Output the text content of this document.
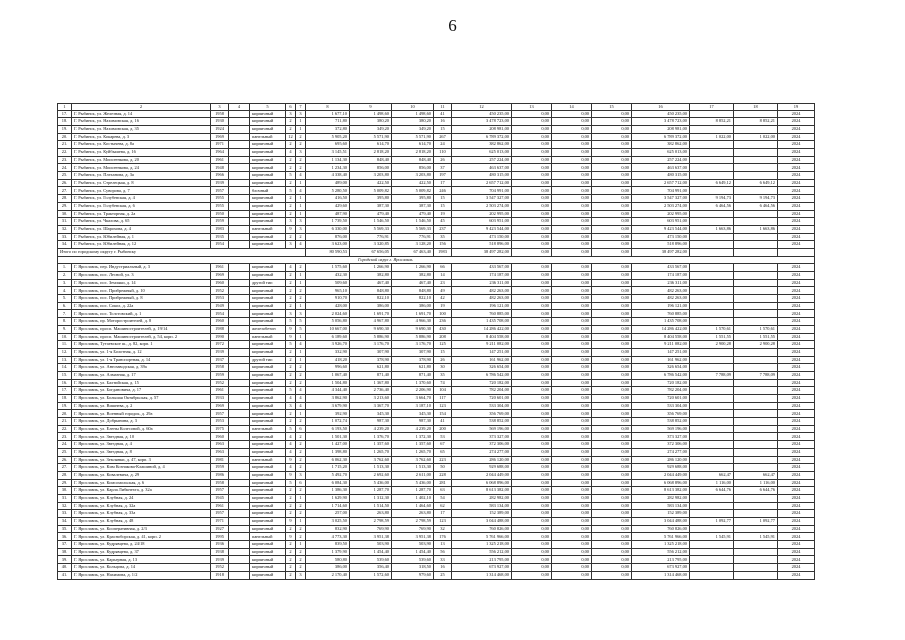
6
1	2	3	4	5	6	7	8	9	10	11	12	13	14	15	16	17	18	19
17.	Г. Рыбинск, ул. Железная, д. 14	1958		кирпичный	3	3	1 677,10	1 498,60	1 498,60	41	450 235,00	0,00	0,00	0,00	450 235,00			2024
18.	Г. Рыбинск, ул. Нахимовская, д. 16	1930		кирпичный	2	1	711,80	380,20	380,20	16	3 478 723,00	0,00	0,00	0,00	3 478 723,00	8 852,21	8 852,21	2024
19.	Г. Рыбинск, ул. Нахимовская, д. 35	1924		кирпичный	2	1	372,80	349,20	349,20	15	208 981,00	0,00	0,00	0,00	208 981,00			2024
20.	Г. Рыбинск, ул. Кокарева, д. 3	1969		панельный	12	2	5 905,20	5 571,90	5 571,90	267	6 789 372,00	0,00	0,00	0,00	6 789 372,00	1 022,00	1 022,00	2024
21.	Г. Рыбинск, ул. Костычева, д. 8а	1971		кирпичный	2	2	695,60	614,70	614,70	24	382 862,00	0,00	0,00	0,00	382 862,00			2024
22.	Г. Рыбинск, ул. Куйбышева, д. 16	1964		кирпичный	4	3	3 145,51	2 818,20	2 818,20	110	625 013,00	0,00	0,00	0,00	625 013,00			2024
23.	Г. Рыбинск, ул. Моисеенкова, д. 20	1961		кирпичный	2	2	1 134,30	848,40	848,40	26	257 224,00	0,00	0,00	0,00	257 224,00			2024
24.	Г. Рыбинск, ул. Моисеенкова, д. 24	1948		кирпичный	2	2	1 234,30	856,00	856,00	37	463 637,00	0,00	0,00	0,00	463 637,00			2024
25.	Г. Рыбинск, ул. Плеханова, д. 3а	1966		кирпичный	5	4	4 338,40	3 203,80	3 203,80	197	480 315,00	0,00	0,00	0,00	480 315,00			2024
26.	Г. Рыбинск, ул. Стрелецкая, д. 8	1939		кирпичный	2	1	489,00	422,50	422,50	17	2 657 712,00	0,00	0,00	0,00	2 657 712,00	6 649,12	6 649,12	2024
27.	Г. Рыбинск, ул. Суворова, д. 7	1957		блочный	5	4	5 280,50	5 009,82	5 009,82	246	704 991,00	0,00	0,00	0,00	704 991,00			2024
28.	Г. Рыбинск, ул. Голубевская, д. 4	1955		кирпичный	2	1	416,50	395,80	395,80	15	3 547 327,00	0,00	0,00	0,00	3 547 327,00	9 194,73	9 194,73	2024
29.	Г. Рыбинск, ул. Голубевская, д. 6	1955		кирпичный	2	1	429,60	387,30	387,30	15	2 503 274,00	0,00	0,00	0,00	2 503 274,00	6 464,56	6 464,56	2024
30.	Г. Рыбинск, ул. Тракторная, д. 2а	1950		кирпичный	2	1	487,90	479,40	479,40	19	202 995,00	0,00	0,00	0,00	202 995,00			2024
31.	Г. Рыбинск, ул. Чкалова, д. 65	1959		кирпичный	3	3	1 739,50	1 546,50	1 546,50	45	603 951,00	0,00	0,00	0,00	603 951,00			2024
32.	Г. Рыбинск, ул. Шарохова, д. 4	1983		панельный	9	3	6 330,00	5 569,33	5 569,33	237	9 423 544,00	0,00	0,00	0,00	9 423 544,00	1 663,86	1 663,86	2024
33.	Г. Рыбинск, ул. Юбилейная, д. 1	1935		кирпичный	2	2	876,00	776,91	776,91	35	473 150,00	0,00	0,00	0,00	473 150,00			2024
34.	Г. Рыбинск, ул. Юбилейная, д. 12	1954		кирпичный	3	4	3 623,00	3 320,85	3 128,20	156	518 896,00	0,00	0,00	0,00	518 896,00			2024
Итого по городскому округу г. Рыбинску							80 590,53	67 656,05	67 463,40	1983	38 497 282,00	0,00	0,00	0,00	38 497 282,00			
Городской округ г. Ярославль																		
1.	Г. Ярославль, пер. Индустриальный, д. 3	1961		кирпичный	4	2	1 575,60	1 266,90	1 266,90	66	433 567,00	0,00	0,00	0,00	433 567,00			2024
2.	Г. Ярославль, пос. Лесной, ул. 3	1969		кирпичный	2	1	432,30	382,80	382,80	14	174 187,00	0,00	0,00	0,00	174 187,00			2024
3.	Г. Ярославль, пос. Земляки, д. 14	1960		другой тип	2	1	509,60	467,40	467,40	23	236 311,00	0,00	0,00	0,00	236 311,00			2024
4.	Г. Ярославль, пос. Прибрежный, д. 10	1952		кирпичный	2	2	965,10	848,80	848,80	49	482 263,00	0,00	0,00	0,00	482 263,00			2024
5.	Г. Ярославль, пос. Прибрежный, д. 8	1953		кирпичный	2	2	910,70	822,10	822,10	42	482 263,00	0,00	0,00	0,00	482 263,00			2024
6.	Г. Ярославль, пос. Сокол, д. 22а	1949		кирпичный	2	1	428,00	386,00	386,00	19	196 121,00	0,00	0,00	0,00	196 121,00			2024
7.	Г. Ярославль, пос. Толстовский, д. 1	1954		кирпичный	3	3	2 024,60	1 691,70	1 691,70	100	760 885,00	0,00	0,00	0,00	760 885,00			2024
8.	Г. Ярославль, пр. Моторостроителей, д. 8	1960		кирпичный	5	5	5 056,80	4 967,80	4 966,30	236	1 435 708,00	0,00	0,00	0,00	1 435 708,00			2024
9.	Г. Ярославль, просп. Машиностроителей, д. 19/14	1988		железобетон	9	5	10 667,00	9 690,30	9 690,30	430	14 286 422,00	0,00	0,00	0,00	14 286 422,00	1 570,61	1 570,61	2024
10.	Г. Ярославль, просп. Машиностроителей, д. 54, корп. 2	1990		панельный	9	1	6 189,60	5 886,90	5 886,90	208	8 404 558,00	0,00	0,00	0,00	8 404 558,00	1 551,55	1 551,55	2024
11.	Г. Ярославль, Тутаевское ш., д. 82, корп. 1	1972		кирпичный	5	4	3 926,70	3 176,70	3 176,70	125	9 211 082,00	0,00	0,00	0,00	9 211 082,00	2 900,28	2 900,28	2024
12.	Г. Ярославль, ул. 1-я Болотная, д. 12	1939		кирпичный	2	1	332,90	307,90	307,90	15	147 251,00	0,00	0,00	0,00	147 251,00			2024
13.	Г. Ярославль, ул. 1-я Транспортная, д. 14	1937		другой тип	2	1	418,20	378,90	378,90	26	161 962,00	0,00	0,00	0,00	161 962,00			2024
14.	Г. Ярославль, ул. Автозаводская, д. 39а	1958		кирпичный	2	2	996,60	621,80	621,80	30	326 654,00	0,00	0,00	0,00	326 654,00			2024
15.	Г. Ярославль, ул. Алмазная, д. 17	1959		кирпичный	2	2	1 067,40	871,40	871,40	35	6 786 542,00	0,00	0,00	0,00	6 786 542,00	7 788,09	7 788,09	2024
16.	Г. Ярославль, ул. Балтийская, д. 15	1952		кирпичный	2	2	1 504,80	1 367,80	1 370,60	74	720 182,00	0,00	0,00	0,00	720 182,00			2024
17.	Г. Ярославль, ул. Богдановича, д. 17	1961		кирпичный	5	4	4 344,40	2 736,40	2 206,90	104	782 204,00	0,00	0,00	0,00	782 204,00			2024
18.	Г. Ярославль, ул. Большая Октябрьская, д. 57	1933		кирпичный	4	4	3 862,90	3 213,60	3 664,70	117	720 601,00	0,00	0,00	0,00	720 601,00			2024
19.	Г. Ярославль, ул. Вишнева, д. 2	1969		кирпичный	3	4	3 679,90	3 367,70	3 187,10	123	533 304,00	0,00	0,00	0,00	533 304,00			2024
20.	Г. Ярославль, ул. Военный городок, д. 29а	1957		кирпичный	2	1	392,90	345,30	345,30	154	356 769,00	0,00	0,00	0,00	356 769,00			2024
21.	Г. Ярославль, ул. Добрынина, д. 3	1953		кирпичный	2	2	1 072,74	987,30	987,30	41	538 852,00	0,00	0,00	0,00	538 852,00			2024
22.	Г. Ярославль, ул. Елены Колесовой, д. 60а	1975		панельный	5	6	6 193,50	4 239,20	4 239,20	200	569 196,00	0,00	0,00	0,00	569 196,00			2024
23.	Г. Ярославль, ул. Звездная, д. 10	1960		кирпичный	4	2	1 501,30	1 376,70	1 372,30	53	373 327,00	0,00	0,00	0,00	373 327,00			2024
24.	Г. Ярославль, ул. Звездная, д. 4	1963		кирпичный	4	2	1 427,00	1 357,60	1 357,60	67	372 306,00	0,00	0,00	0,00	372 306,00			2024
25.	Г. Ярославль, ул. Звездная, д. 8	1963		кирпичный	4	2	1 398,80	1 265,70	1 265,70	65	274 277,00	0,00	0,00	0,00	274 277,00			2024
26.	Г. Ярославль, ул. Землянки, д. 47, корп. 3	1981		панельный	9	2	6 062,30	3 762,60	3 762,60	223	286 120,00	0,00	0,00	0,00	286 120,00			2024
27.	Г. Ярославль, ул. Ким Кознакова-Клашиной, д. 4	1959		кирпичный	4	2	1 715,20	1 513,30	1 513,30	50	929 688,00	0,00	0,00	0,00	929 688,00			2024
28.	Г. Ярославль, ул. Ковалевича, д. 29	1986		кирпичный	9	3	5 492,70	2 692,60	2 611,00	228	2 044 449,00	0,00	0,00	0,00	2 044 449,00	662,47	662,47	2024
29.	Г. Ярославль, ул. Комсомольская, д. 6	1958		кирпичный	5	6	6 084,30	5 436,00	5 436,00	281	6 068 896,00	0,00	0,00	0,00	6 068 896,00	1 116,00	1 116,00	2024
30.	Г. Ярославль, ул. Карла Либкнехта, д. 32а	1957		кирпичный	2	2	1 386,30	1 287,70	1 287,70	63	8 613 382,00	0,00	0,00	0,00	8 613 382,00	6 644,76	6 644,76	2024
31.	Г. Ярославль, ул. Клубная, д. 24	1945		кирпичный	2	1	1 629,90	1 312,30	1 402,10	54	282 982,00	0,00	0,00	0,00	282 982,00			2024
32.	Г. Ярославль, ул. Клубная, д. 32а	1961		кирпичный	2	2	1 714,60	1 514,50	1 464,60	62	583 134,00	0,00	0,00	0,00	583 134,00			2024
33.	Г. Ярославль, ул. Клубная, д. 33а	1957		кирпичный	2	2	257,00	263,80	263,80	17	152 389,00	0,00	0,00	0,00	152 389,00			2024
34.	Г. Ярославль, ул. Клубная, д. 48	1971		кирпичный	9	1	3 025,50	2 798,59	2 798,59	123	3 044 488,00	0,00	0,00	0,00	3 044 488,00	1 092,77	1 092,77	2024
35.	Г. Ярославль, ул. Кооперативная, д. 2/3	1927		кирпичный	2	2	832,90	769,90	769,90	32	760 826,00	0,00	0,00	0,00	760 826,00			2024
36.	Г. Ярославль, ул. Красноборская, д. 41, корп. 2	1995		панельный	9	2	4 773,30	3 951,38	3 951,38	176	5 761 966,00	0,00	0,00	0,00	5 761 966,00	1 545,91	1 545,91	2024
37.	Г. Ярославль, ул. Кудрявцева, д. 24/18	1936		кирпичный	2	1	839,50	503,90	503,90	13	1 325 218,00	0,00	0,00	0,00	1 325 218,00			2024
38.	Г. Ярославль, ул. Кудрявцева, д. 37	1938		кирпичный	2	2	1 379,90	1 454,40	1 454,40	56	556 212,00	0,00	0,00	0,00	556 212,00			2024
39.	Г. Ярославль, ул. Карьерная, д. 13	1939		кирпичный	2	2	580,80	539,60	539,60	33	213 795,00	0,00	0,00	0,00	213 795,00			2024
40.	Г. Ярославль, ул. Кольцова, д. 14	1952		кирпичный	2	2	386,00	356,40	318,50	16	673 927,00	0,00	0,00	0,00	673 927,00			2024
41.	Г. Ярославль, ул. Нахимова, д. 1/2	1918		кирпичный	2	3	2 170,40	1 572,60	979,60	25	1 314 468,00	0,00	0,00	0,00	1 314 468,00			2024
